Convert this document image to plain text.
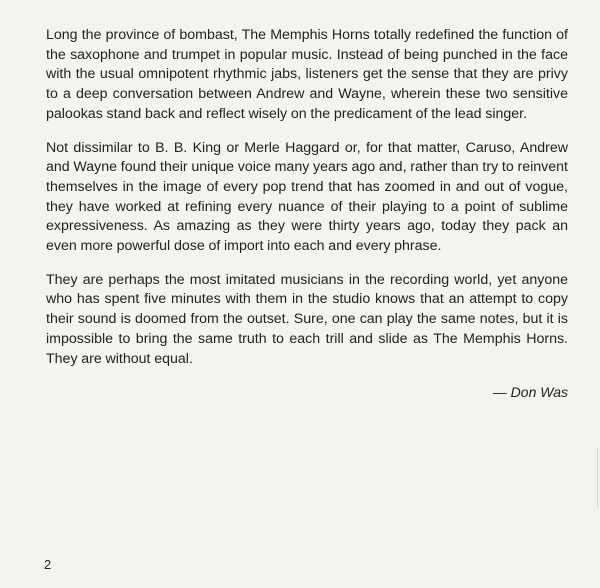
Long the province of bombast, The Memphis Horns totally redefined the function of the saxophone and trumpet in popular music. Instead of being punched in the face with the usual omnipotent rhythmic jabs, listeners get the sense that they are privy to a deep conversation between Andrew and Wayne, wherein these two sensitive palookas stand back and reflect wisely on the predicament of the lead singer.

Not dissimilar to B. B. King or Merle Haggard or, for that matter, Caruso, Andrew and Wayne found their unique voice many years ago and, rather than try to reinvent themselves in the image of every pop trend that has zoomed in and out of vogue, they have worked at refining every nuance of their playing to a point of sublime expressiveness. As amazing as they were thirty years ago, today they pack an even more powerful dose of import into each and every phrase.

They are perhaps the most imitated musicians in the recording world, yet anyone who has spent five minutes with them in the studio knows that an attempt to copy their sound is doomed from the outset. Sure, one can play the same notes, but it is impossible to bring the same truth to each trill and slide as The Memphis Horns. They are without equal.

— Don Was
2
